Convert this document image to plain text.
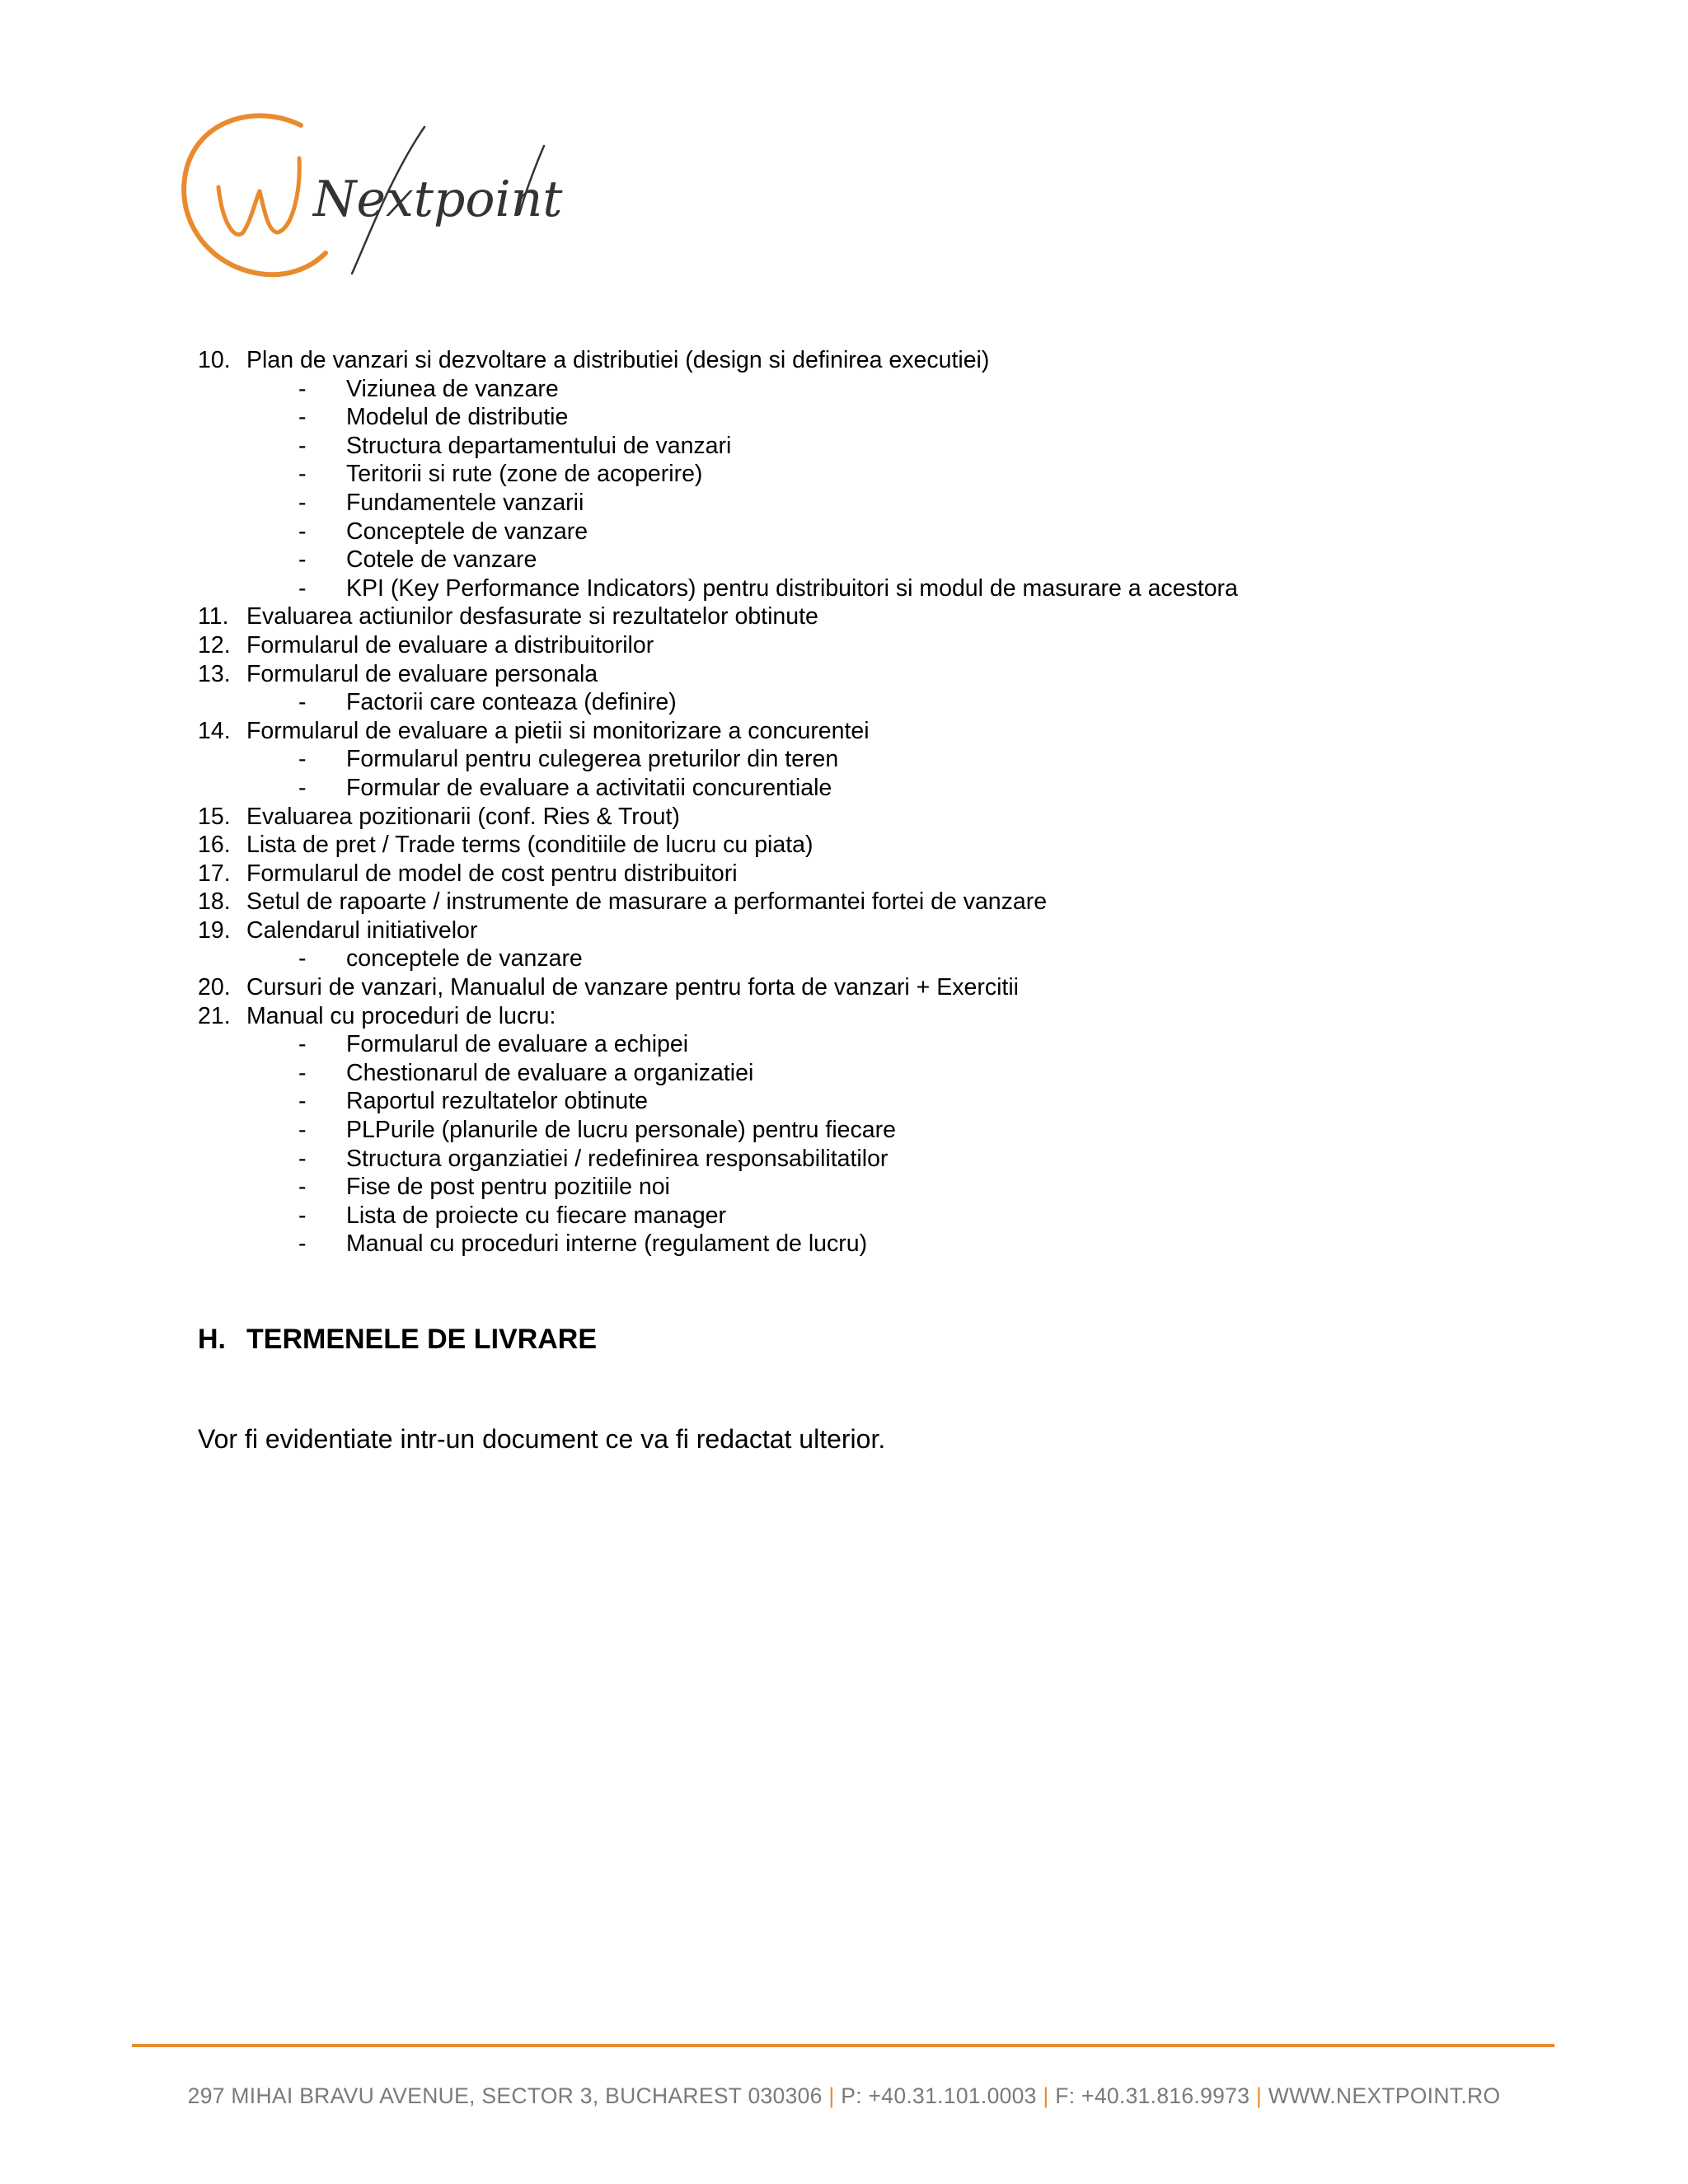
Nextpoint.
10. Plan de vanzari si dezvoltare a distributiei (design si definirea executiei)
- Viziunea de vanzare
- Modelul de distributie
- Structura departamentului de vanzari
- Teritorii si rute (zone de acoperire)
- Fundamentele vanzarii
- Conceptele de vanzare
- Cotele de vanzare
- KPI (Key Performance Indicators) pentru distribuitori si modul de masurare a acestora
11. Evaluarea actiunilor desfasurate si rezultatelor obtinute
12. Formularul de evaluare a distribuitorilor
13. Formularul de evaluare personala
- Factorii care conteaza (definire)
14. Formularul de evaluare a pietii si monitorizare a concurentei
- Formularul pentru culegerea preturilor din teren
- Formular de evaluare a activitatii concurentiale
15. Evaluarea pozitionarii (conf. Ries & Trout)
16. Lista de pret / Trade terms (conditiile de lucru cu piata)
17. Formularul de model de cost pentru distribuitori
18. Setul de rapoarte / instrumente de masurare a performantei fortei de vanzare
19. Calendarul initiativelor
- conceptele de vanzare
20. Cursuri de vanzari, Manualul de vanzare pentru forta de vanzari + Exercitii
21. Manual cu proceduri de lucru:
- Formularul de evaluare a echipei
- Chestionarul de evaluare a organizatiei
- Raportul rezultatelor obtinute
- PLPurile (planurile de lucru personale) pentru fiecare
- Structura organziatiei / redefinirea responsabilitatilor
- Fise de post pentru pozitiile noi
- Lista de proiecte cu fiecare manager
- Manual cu proceduri interne (regulament de lucru)
H. TERMENELE DE LIVRARE
Vor fi evidentiate intr-un document ce va fi redactat ulterior.
297 MIHAI BRAVU AVENUE, SECTOR 3, BUCHAREST 030306 | P: +40.31.101.0003 | F: +40.31.816.9973 | WWW.NEXTPOINT.RO
